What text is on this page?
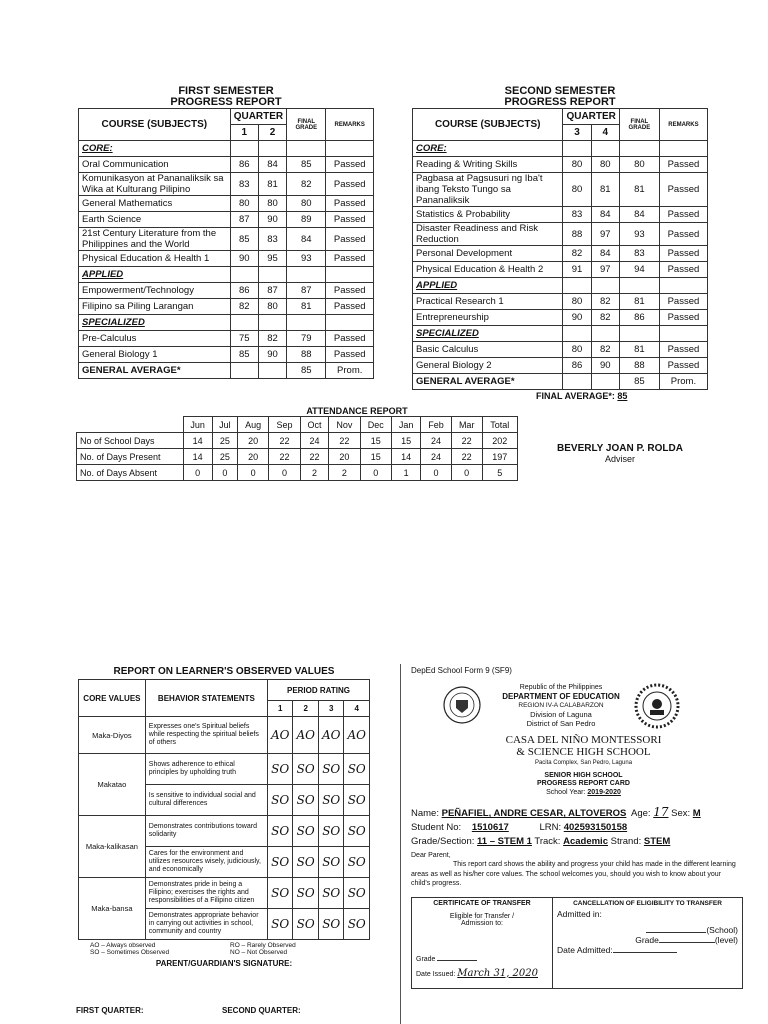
FIRST SEMESTER
PROGRESS REPORT
COURSE (SUBJECTS)	QUARTER		FINAL GRADE	REMARKS
	1	2		
CORE:				
Oral Communication	86	84	85	Passed
Komunikasyon at Pananaliksik sa Wika at Kulturang Pilipino	83	81	82	Passed
General Mathematics	80	80	80	Passed
Earth Science	87	90	89	Passed
21st Century Literature from the Philippines and the World	85	83	84	Passed
Physical Education & Health 1	90	95	93	Passed
APPLIED				
Empowerment/Technology	86	87	87	Passed
Filipino sa Piling Larangan	82	80	81	Passed
SPECIALIZED				
Pre-Calculus	75	82	79	Passed
General Biology 1	85	90	88	Passed
GENERAL AVERAGE*			85	Prom.
SECOND SEMESTER
PROGRESS REPORT
COURSE (SUBJECTS)	QUARTER		FINAL GRADE	REMARKS
	3	4		
CORE:				
Reading & Writing Skills	80	80	80	Passed
Pagbasa at Pagsusuri ng Iba't ibang Teksto Tungo sa Pananaliksik	80	81	81	Passed
Statistics & Probability	83	84	84	Passed
Disaster Readiness and Risk Reduction	88	97	93	Passed
Personal Development	82	84	83	Passed
Physical Education & Health 2	91	97	94	Passed
APPLIED				
Practical Research 1	80	82	81	Passed
Entrepreneurship	90	82	86	Passed
SPECIALIZED				
Basic Calculus	80	82	81	Passed
General Biology 2	86	90	88	Passed
GENERAL AVERAGE*			85	Prom.
FINAL AVERAGE*: 85
ATTENDANCE REPORT
	Jun	Jul	Aug	Sep	Oct	Nov	Dec	Jan	Feb	Mar	Total
No of School Days	14	25	20	22	24	22	15	15	24	22	202
No. of Days Present	14	25	20	22	22	20	15	14	24	22	197
No. of Days Absent	0	0	0	0	2	2	0	1	0	0	5
BEVERLY JOAN P. ROLDA
Adviser
REPORT ON LEARNER'S OBSERVED VALUES
CORE VALUES	BEHAVIOR STATEMENTS	PERIOD RATING			
		1	2	3	4
Maka-Diyos	Expresses one's Spiritual beliefs while respecting the spiritual beliefs of others	AO	AO	AO	AO
Makatao	Shows adherence to ethical principles by upholding truth	SO	SO	SO	SO
	Is sensitive to individual social and cultural differences	SO	SO	SO	SO
Maka-kalikasan	Demonstrates contributions toward solidarity	SO	SO	SO	SO
	Cares for the environment and utilizes resources wisely, judiciously, and economically	SO	SO	SO	SO
Maka-bansa	Demonstrates pride in being a Filipino; exercises the rights and responsibilities of a Filipino citizen	SO	SO	SO	SO
	Demonstrates appropriate behavior in carrying out activities in school, community and country	SO	SO	SO	SO
AO – Always observed	RO – Rarely Observed
SO – Sometimes Observed	NO – Not Observed
PARENT/GUARDIAN'S SIGNATURE:
FIRST QUARTER:	SECOND QUARTER:
DepEd School Form 9 (SF9)
Republic of the Philippines
DEPARTMENT OF EDUCATION
REGION IV-A CALABARZON
Division of Laguna
District of San Pedro
CASA DEL NIÑO MONTESSORI
& SCIENCE HIGH SCHOOL
Pacita Complex, San Pedro, Laguna
SENIOR HIGH SCHOOL
PROGRESS REPORT CARD
School Year: 2019-2020
Name: PEÑAFIEL, ANDRE CESAR, ALTOVEROS Age: 17 Sex: M
Student No: 1510617	LRN: 402593150158
Grade/Section: 11 – STEM 1 Track: Academic Strand: STEM
Dear Parent,
This report card shows the ability and progress your child has made in the different learning areas as well as his/her core values. The school welcomes you, should you wish to know about your child's progress.
CERTIFICATE OF TRANSFER
Eligible for Transfer / Admission to:
Grade
Date Issued: March 31, 2020
CANCELLATION OF ELIGIBILITY TO TRANSFER
Admitted in:
(School)
Grade	(level)
Date Admitted:
